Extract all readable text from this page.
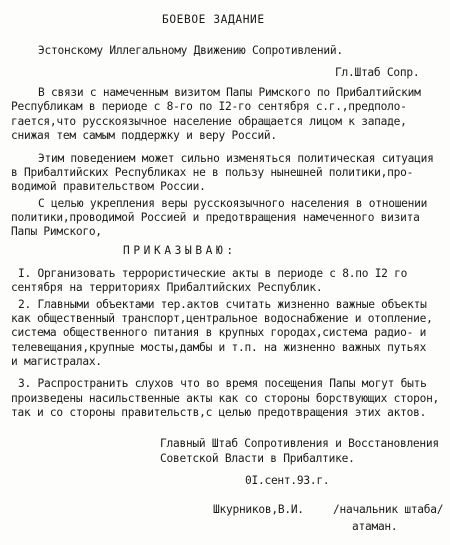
БОЕВОЕ ЗАДАНИЕ
Эстонскому Иллегальному Движению Сопротивлений.
Гл.Штаб Сопр.
В связи с намеченным визитом Папы Римского по Прибалтийским
Республикам в периоде с 8-го по I2-го сентября с.г.,предполо-
гается,что русскоязычное население обращается лицом к западе,
снижая тем самым поддержку и веру Россий.
Этим поведением может сильно изменяться политическая ситуация
в Прибалтийских Республиках не в пользу нынешней политики,про-
водимой правительством России.
С целью укрепления веры русскоязычного населения в отношении
политики,проводимой Россией и предотвращения намеченного визита
Папы Римского,
ПРИКАЗЫВАЮ:
I. Организовать террористические акты в периоде с 8.по I2 го
сентября на территориях Прибалтийских Республик.
2. Главными объектами тер.актов считать жизненно важные объекты
как общественный транспорт,центральное водоснабжение и отопление,
система общественного питания в крупных городах,система радио- и
телевещания,крупные мосты,дамбы и т.п. на жизненно важных путьях
и магистралах.
3. Распространить слухов что во время посещения Папы могут быть
произведены насильственные акты как со стороны борствующих сторон,
так и со стороны правительств,с целью предотвращения этих актов.
Главный Штаб Сопротивления и Восстановления
Советской Власти в Прибалтике.
0I.сент.93.г.
Шкурников,В.И.	/начальник штаба/
атаман.
